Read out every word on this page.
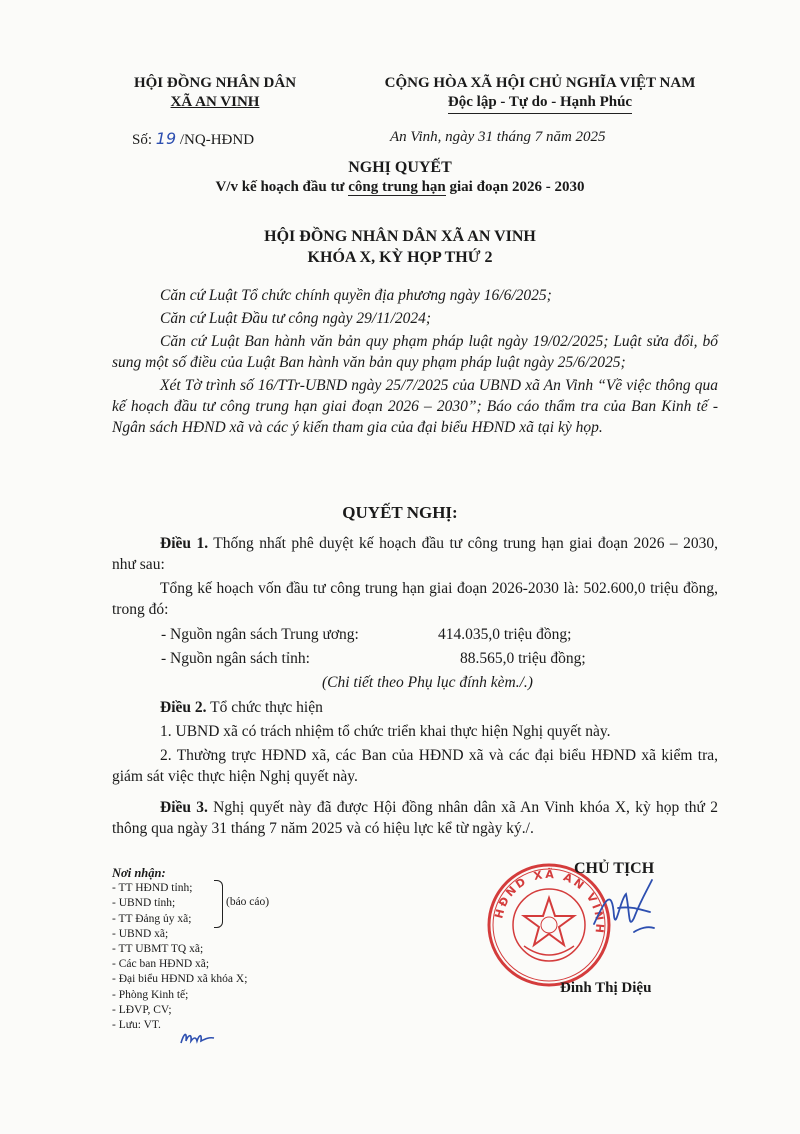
HỘI ĐỒNG NHÂN DÂN
XÃ AN VINH
CỘNG HÒA XÃ HỘI CHỦ NGHĨA VIỆT NAM
Độc lập - Tự do - Hạnh Phúc
Số: 19 /NQ-HĐND	An Vinh, ngày 31 tháng 7 năm 2025
NGHỊ QUYẾT
V/v kế hoạch đầu tư công trung hạn giai đoạn 2026 - 2030
HỘI ĐỒNG NHÂN DÂN XÃ AN VINH
KHÓA X, KỲ HỌP THỨ 2
Căn cứ Luật Tổ chức chính quyền địa phương ngày 16/6/2025;
Căn cứ Luật Đầu tư công ngày 29/11/2024;
Căn cứ Luật Ban hành văn bản quy phạm pháp luật ngày 19/02/2025; Luật sửa đổi, bổ sung một số điều của Luật Ban hành văn bản quy phạm pháp luật ngày 25/6/2025;
Xét Tờ trình số 16/TTr-UBND ngày 25/7/2025 của UBND xã An Vinh “Về việc thông qua kế hoạch đầu tư công trung hạn giai đoạn 2026 – 2030”; Báo cáo thẩm tra của Ban Kinh tế - Ngân sách HĐND xã và các ý kiến tham gia của đại biểu HĐND xã tại kỳ họp.
QUYẾT NGHỊ:
Điều 1. Thống nhất phê duyệt kế hoạch đầu tư công trung hạn giai đoạn 2026 – 2030, như sau:
Tổng kế hoạch vốn đầu tư công trung hạn giai đoạn 2026-2030 là: 502.600,0 triệu đồng, trong đó:
- Nguồn ngân sách Trung ương:	414.035,0 triệu đồng;
- Nguồn ngân sách tỉnh:	88.565,0 triệu đồng;
(Chi tiết theo Phụ lục đính kèm./.)
Điều 2. Tổ chức thực hiện
1. UBND xã có trách nhiệm tổ chức triển khai thực hiện Nghị quyết này.
2. Thường trực HĐND xã, các Ban của HĐND xã và các đại biểu HĐND xã kiểm tra, giám sát việc thực hiện Nghị quyết này.
Điều 3. Nghị quyết này đã được Hội đồng nhân dân xã An Vinh khóa X, kỳ họp thứ 2 thông qua ngày 31 tháng 7 năm 2025 và có hiệu lực kể từ ngày ký./.
Nơi nhận:
- TT HĐND tỉnh;
- UBND tỉnh;
- TT Đảng ủy xã;
- UBND xã;
- TT UBMT TQ xã;
- Các ban HĐND xã;
- Đại biểu HĐND xã khóa X;
- Phòng Kinh tế;
- LĐVP, CV;
- Lưu: VT.
(báo cáo)
HĐND XÃ AN VINH
CHỦ TỊCH
Đinh Thị Diệu
